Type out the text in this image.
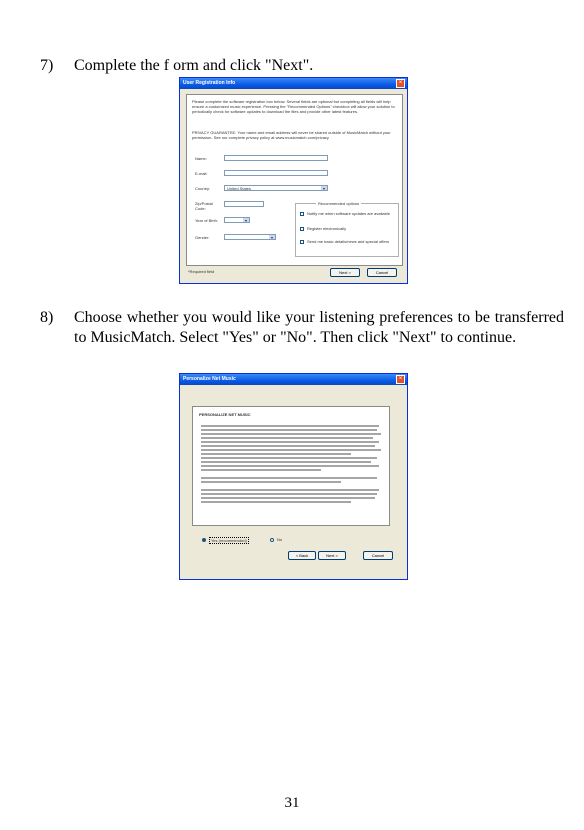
7) Complete the f orm and click "Next".
User Registration Info	×
Please complete the software registration box below. Several fields are optional but completing all fields will help ensure a customized music experience. Pressing the "Recommended Options" checkbox will allow your solution to periodically check for software updates to download the files and provide other latest features.
PRIVACY GUARANTEE: Your name and email address will never be shared outside of MusicMatch without your permission. See our complete privacy policy at www.musicmatch.com/privacy
Name:
E-mail:
Country:	United States	▾
Zip/Postal Code:
Year of Birth:	▾
Gender:	▾
Recommended options
Notify me when software updates are available
Register electronically
Send me basic details/news and special offers
*Required field	Next >	Cancel
8) Choose whether you would like your listening preferences to be transferred to MusicMatch. Select "Yes" or "No". Then click "Next" to continue.
Personalize Net Music	×
PERSONALIZE NET MUSIC
Yes (recommended)	No
< Back	Next >	Cancel
31
